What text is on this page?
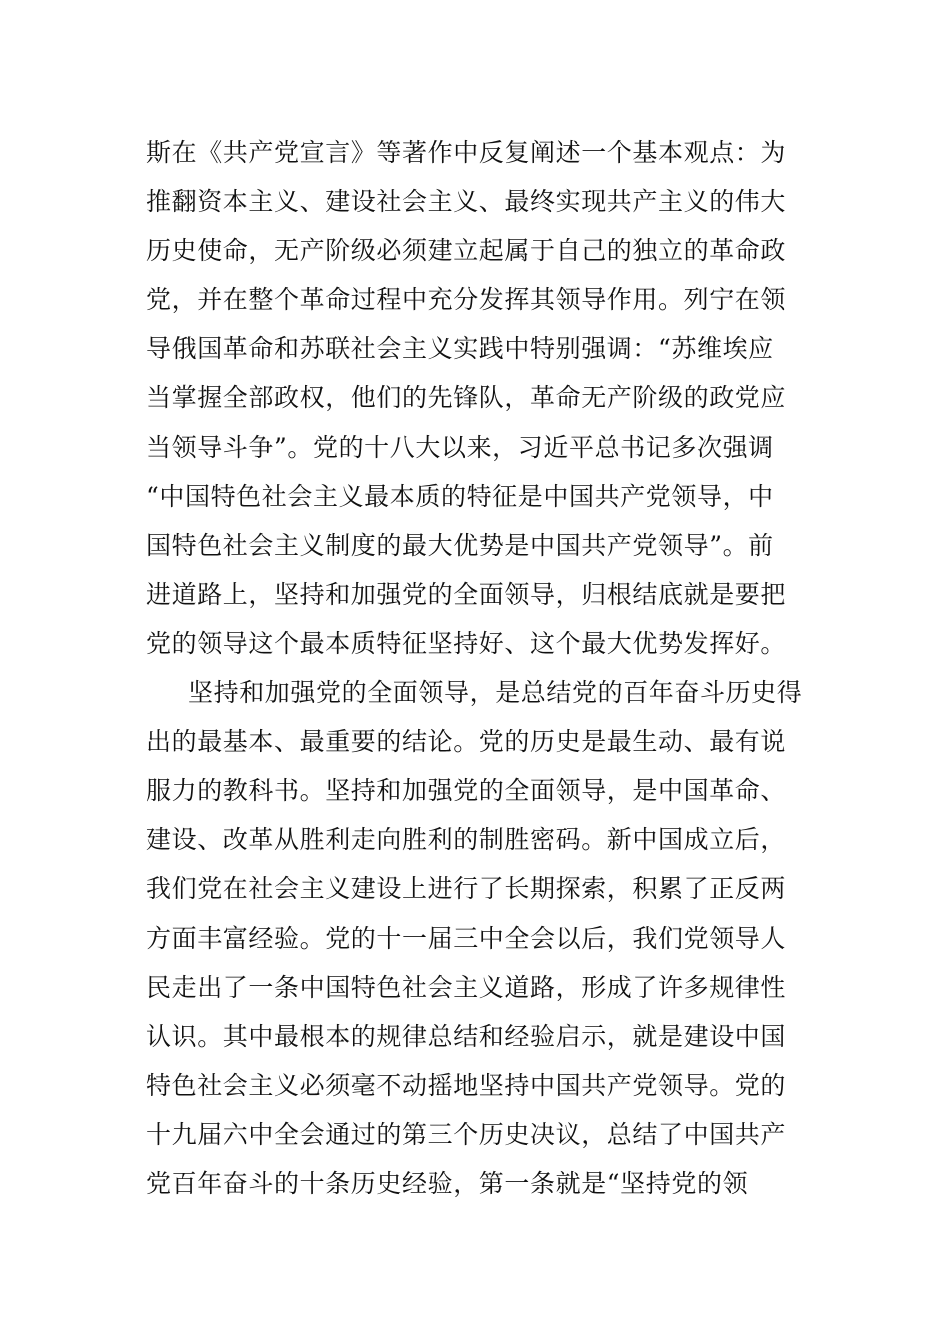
斯在《共产党宣言》等著作中反复阐述一个基本观点：为
推翻资本主义、建设社会主义、最终实现共产主义的伟大
历史使命，无产阶级必须建立起属于自己的独立的革命政
党，并在整个革命过程中充分发挥其领导作用。列宁在领
导俄国革命和苏联社会主义实践中特别强调：“苏维埃应
当掌握全部政权，他们的先锋队，革命无产阶级的政党应
当领导斗争”。党的十八大以来，习近平总书记多次强调
“中国特色社会主义最本质的特征是中国共产党领导，中
国特色社会主义制度的最大优势是中国共产党领导”。前
进道路上，坚持和加强党的全面领导，归根结底就是要把
党的领导这个最本质特征坚持好、这个最大优势发挥好。
坚持和加强党的全面领导，是总结党的百年奋斗历史得
出的最基本、最重要的结论。党的历史是最生动、最有说
服力的教科书。坚持和加强党的全面领导，是中国革命、
建设、改革从胜利走向胜利的制胜密码。新中国成立后，
我们党在社会主义建设上进行了长期探索，积累了正反两
方面丰富经验。党的十一届三中全会以后，我们党领导人
民走出了一条中国特色社会主义道路，形成了许多规律性
认识。其中最根本的规律总结和经验启示，就是建设中国
特色社会主义必须毫不动摇地坚持中国共产党领导。党的
十九届六中全会通过的第三个历史决议，总结了中国共产
党百年奋斗的十条历史经验，第一条就是“坚持党的领
